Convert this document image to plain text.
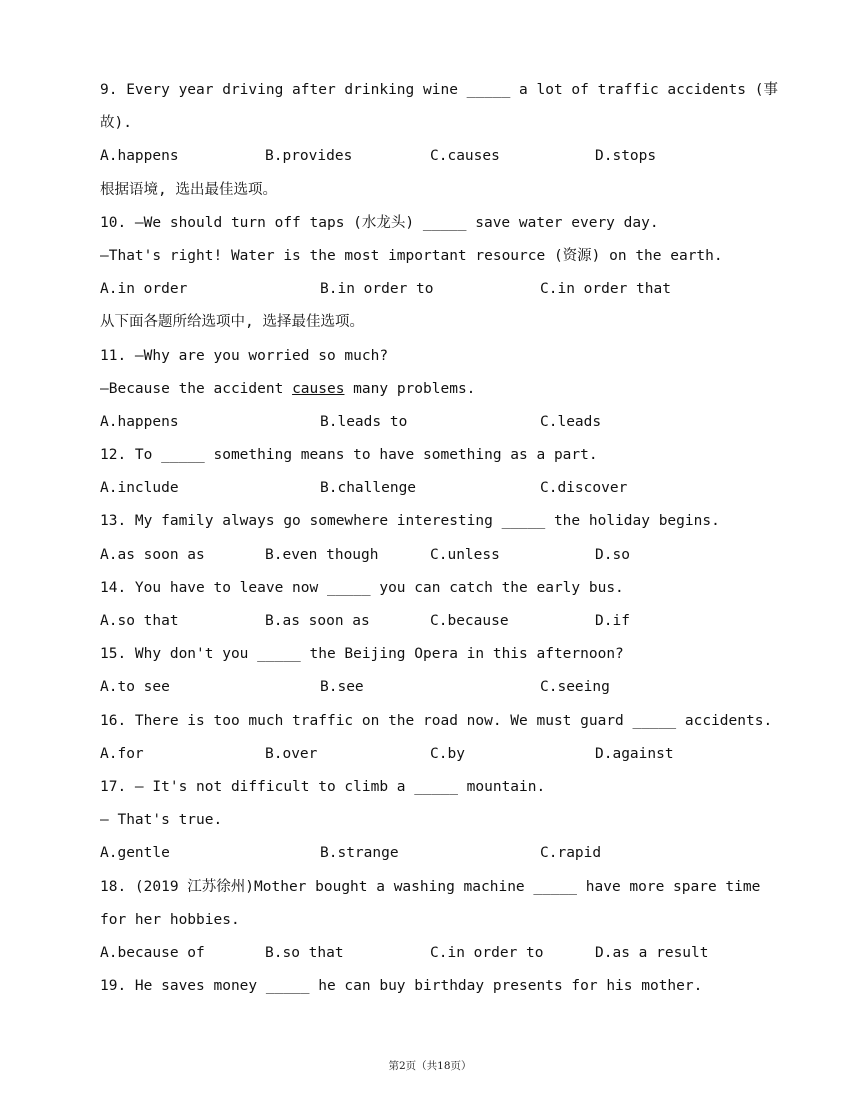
9. Every year driving after drinking wine _____ a lot of traffic accidents (事
故).
A.happens	B.provides	C.causes	D.stops
根据语境, 选出最佳选项。
10. —We should turn off taps (水龙头) _____ save water every day.
—That's right! Water is the most important resource (资源) on the earth.
A.in order	B.in order to	C.in order that
从下面各题所给选项中, 选择最佳选项。
11. —Why are you worried so much?
—Because the accident causes many problems.
A.happens	B.leads to	C.leads
12. To _____ something means to have something as a part.
A.include	B.challenge	C.discover
13. My family always go somewhere interesting _____ the holiday begins.
A.as soon as	B.even though	C.unless	D.so
14. You have to leave now _____ you can catch the early bus.
A.so that	B.as soon as	C.because	D.if
15. Why don't you _____ the Beijing Opera in this afternoon?
A.to see	B.see	C.seeing
16. There is too much traffic on the road now. We must guard _____ accidents.
A.for	B.over	C.by	D.against
17. — It's not difficult to climb a _____ mountain.
— That's true.
A.gentle	B.strange	C.rapid
18. (2019 江苏徐州)Mother bought a washing machine _____ have more spare time
for her hobbies.
A.because of	B.so that	C.in order to	D.as a result
19. He saves money _____ he can buy birthday presents for his mother.
第2页（共18页）
